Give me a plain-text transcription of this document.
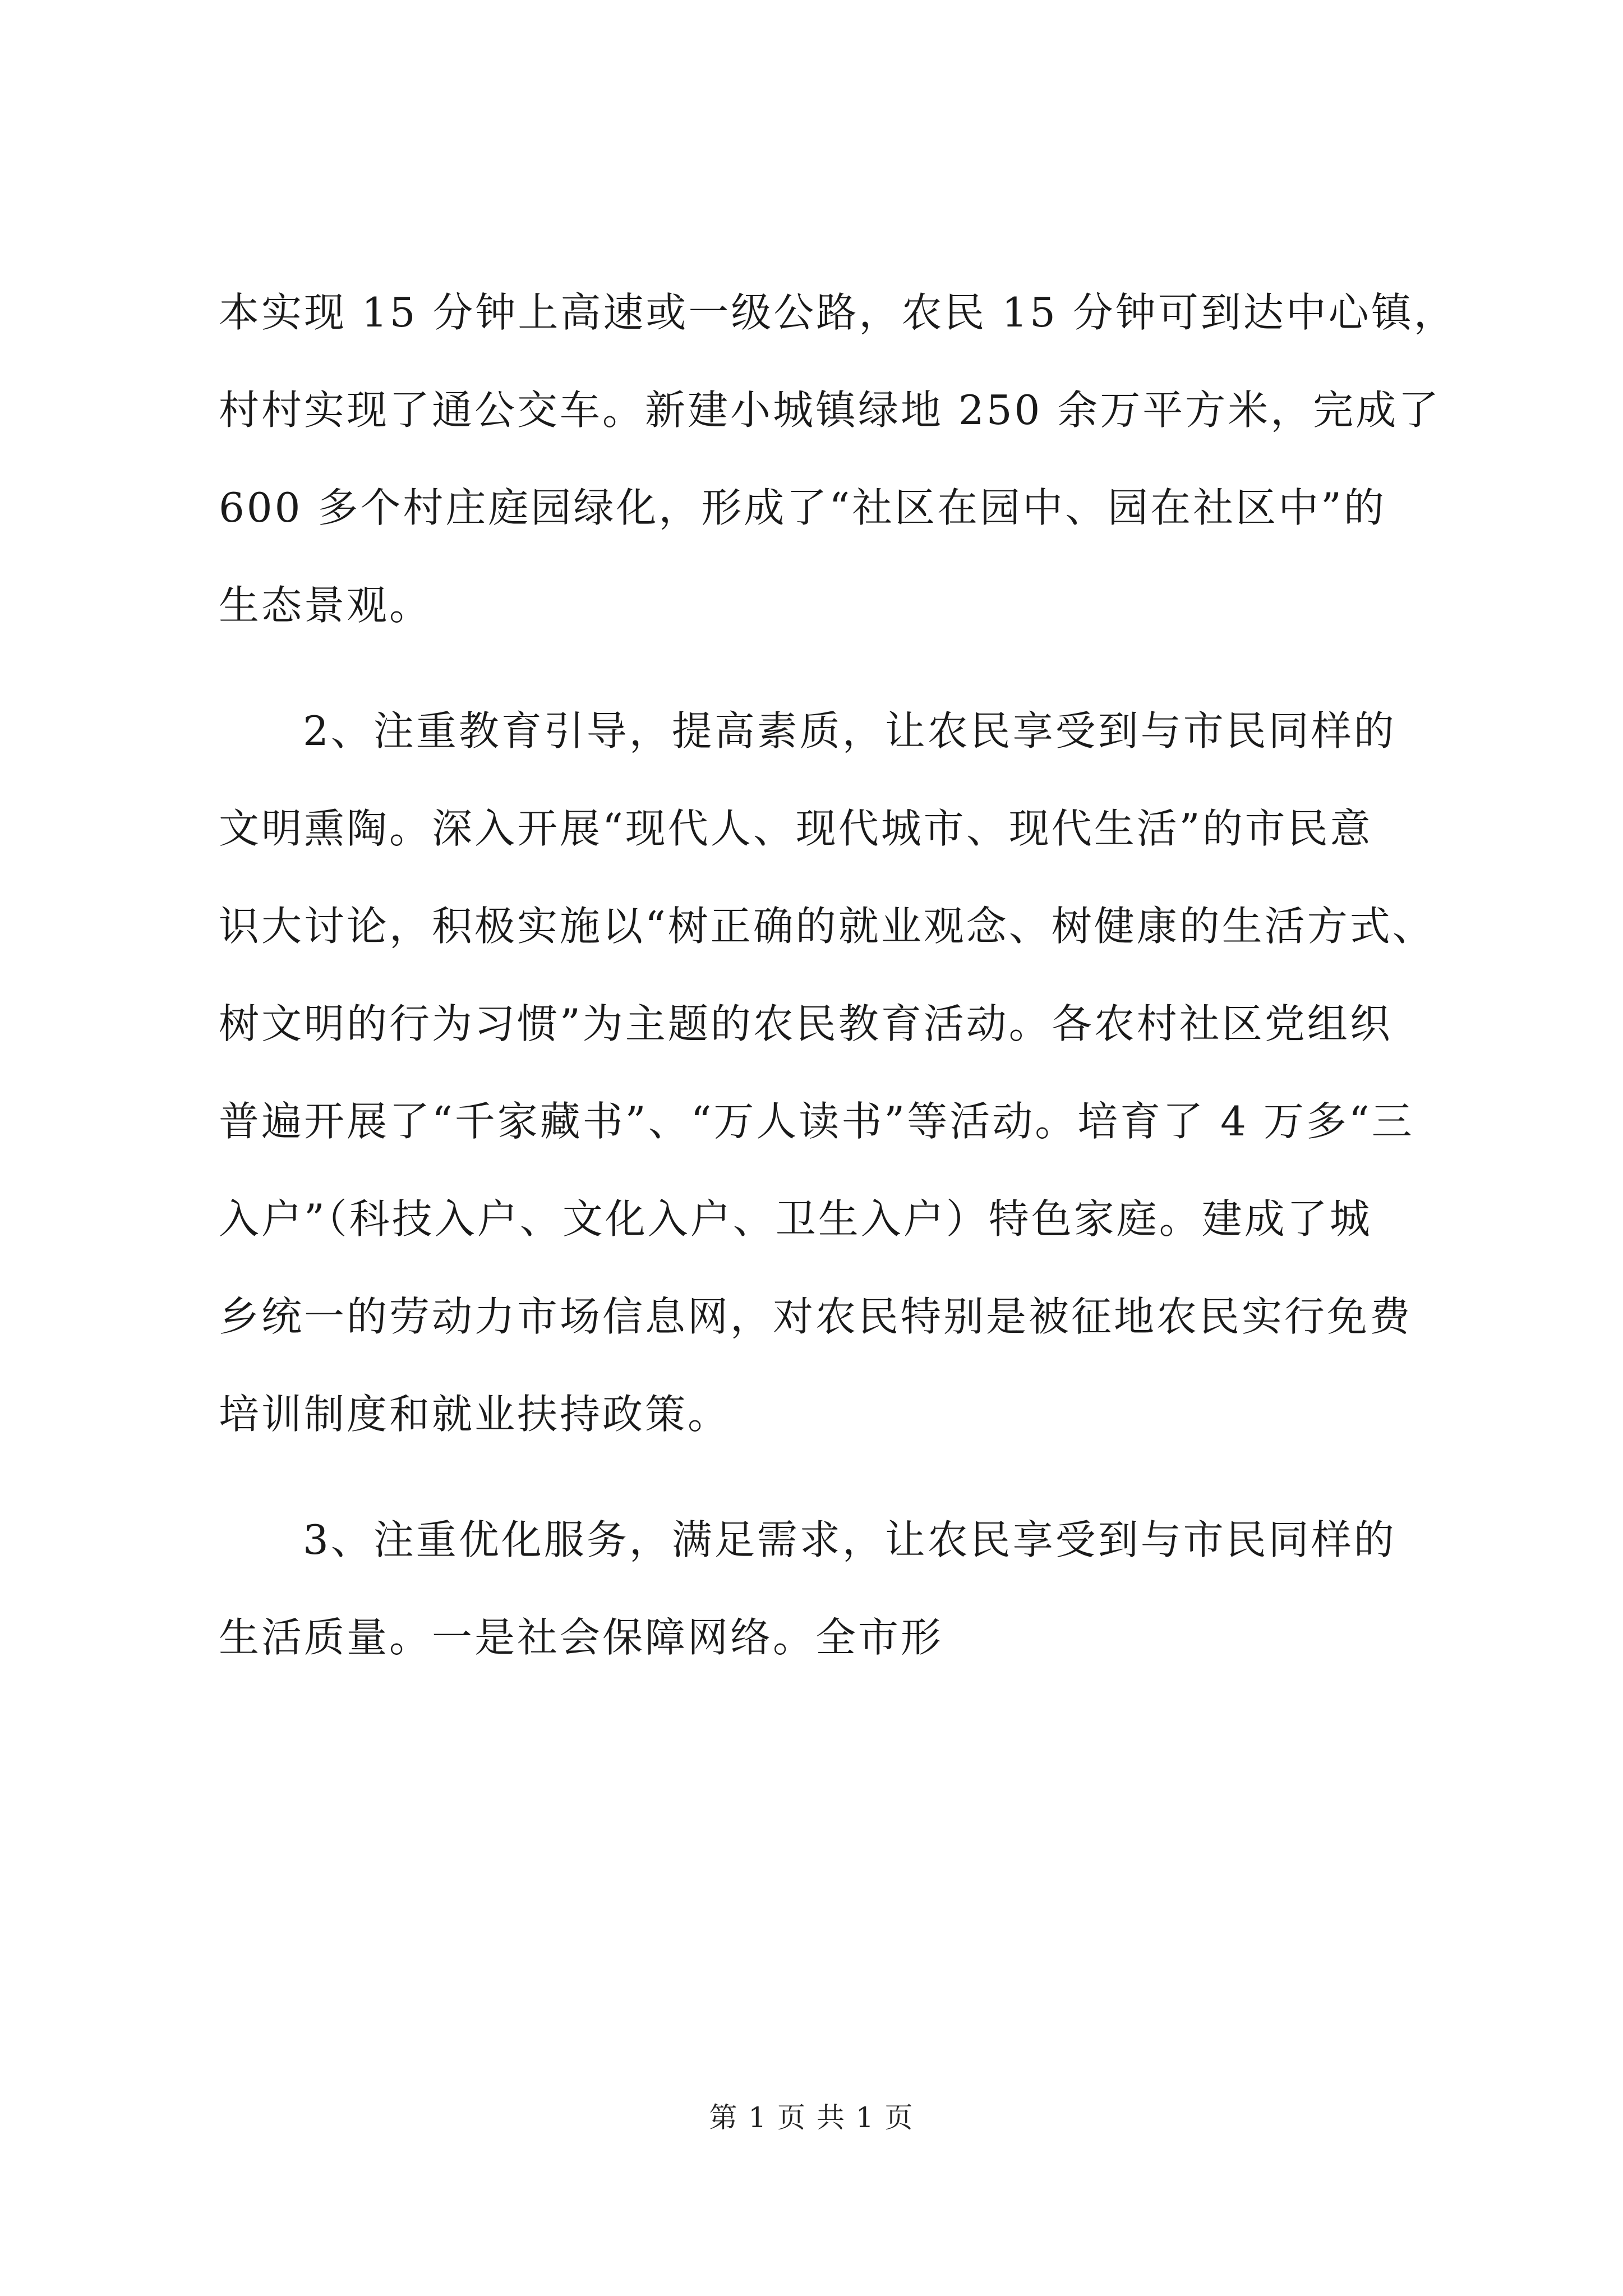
本实现 15 分钟上高速或一级公路，农民 15 分钟可到达中心镇，
村村实现了通公交车。新建小城镇绿地 250 余万平方米，完成了
600 多个村庄庭园绿化，形成了“社区在园中、园在社区中”的
生态景观。
2、注重教育引导，提高素质，让农民享受到与市民同样的
文明熏陶。深入开展“现代人、现代城市、现代生活”的市民意
识大讨论，积极实施以“树正确的就业观念、树健康的生活方式、
树文明的行为习惯”为主题的农民教育活动。各农村社区党组织
普遍开展了“千家藏书”、“万人读书”等活动。培育了 4 万多“三
入户”（科技入户、文化入户、卫生入户）特色家庭。建成了城
乡统一的劳动力市场信息网，对农民特别是被征地农民实行免费
培训制度和就业扶持政策。
3、注重优化服务，满足需求，让农民享受到与市民同样的
生活质量。一是社会保障网络。全市形
第 1 页 共 1 页
